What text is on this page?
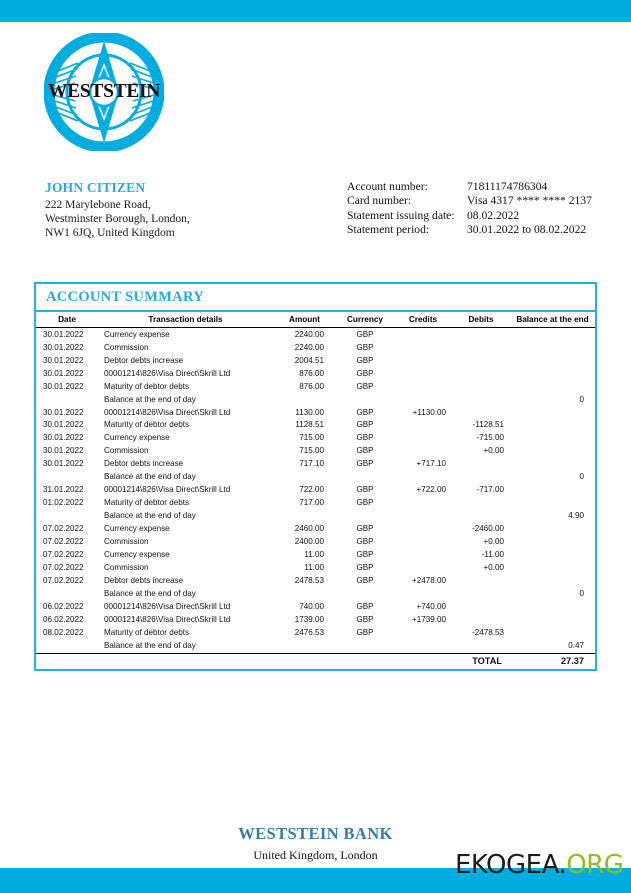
WESTSTEIN
JOHN CITIZEN
222 Marylebone Road,
Westminster Borough, London,
NW1 6JQ, United Kingdom
Account number:	71811174786304
Card number:	Visa 4317 **** **** 2137
Statement issuing date:	08.02.2022
Statement period:	30.01.2022 to 08.02.2022
ACCOUNT SUMMARY
Date	Transaction details	Amount	Currency	Credits	Debits	Balance at the end
30.01.2022	Currency expense	2240.00	GBP			
30.01.2022	Commission	2240.00	GBP			
30.01.2022	Debtor debts increase	2004.51	GBP			
30.01.2022	00001214\826\Visa Direct\Skrill Ltd	876.00	GBP			
30.01.2022	Maturity of debtor debts	876.00	GBP			
	Balance at the end of day					0
30.01.2022	00001214\826\Visa Direct\Skrill Ltd	1130.00	GBP	+1130.00		
30.01.2022	Maturity of debtor debts	1128.51	GBP		-1128.51	
30.01.2022	Currency expense	715.00	GBP		-715.00	
30.01.2022	Commission	715.00	GBP		+0.00	
30.01.2022	Debtor debts increase	717.10	GBP	+717.10		
	Balance at the end of day					0
31.01.2022	00001214\826\Visa Direct\Skrill Ltd	722.00	GBP	+722.00	-717.00	
01.02.2022	Maturity of debtor debts	717.00	GBP			
	Balance at the end of day					4.90
07.02.2022	Currency expense	2460.00	GBP		-2460.00	
07.02.2022	Commission	2400.00	GBP		+0.00	
07.02.2022	Currency expense	11.00	GBP		-11.00	
07.02.2022	Commission	11.00	GBP		+0.00	
07.02.2022	Debtor debts increase	2478.53	GBP	+2478.00		
	Balance at the end of day					0
06.02.2022	00001214\826\Visa Direct\Skrill Ltd	740.00	GBP	+740.00		
06.02.2022	00001214\826\Visa Direct\Skrill Ltd	1739.00	GBP	+1739.00		
08.02.2022	Maturity of debtor debts	2476.53	GBP		-2478.53	
	Balance at the end of day					0.47
					TOTAL	27.37
WESTSTEIN BANK
United Kingdom, London	EKOGEA.ORG
